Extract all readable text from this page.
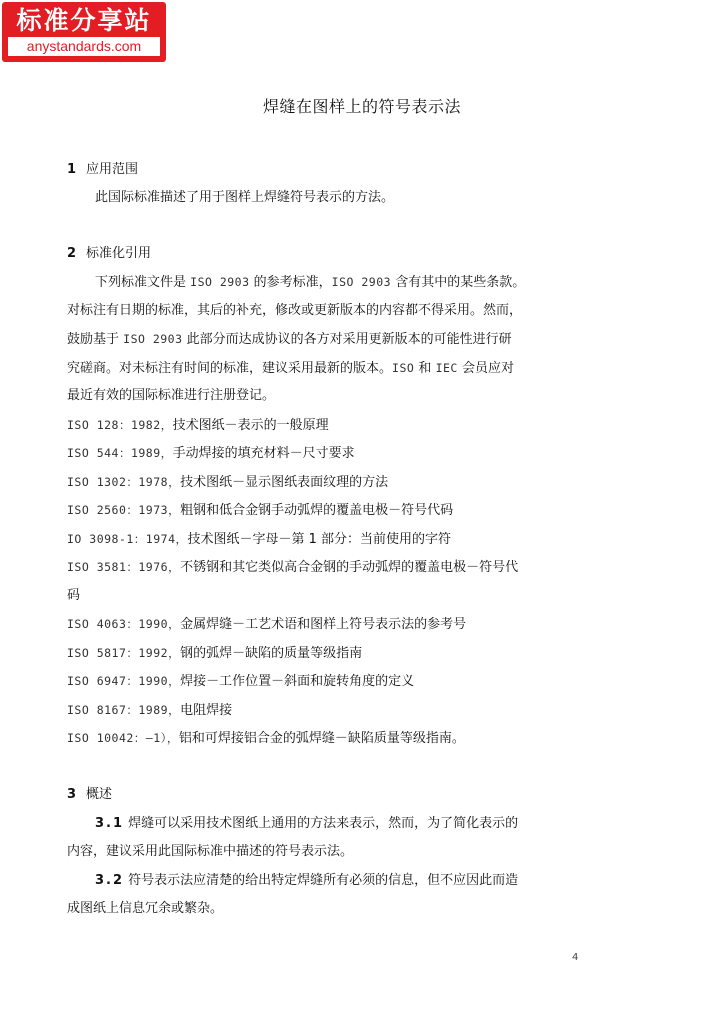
标准分享站
anystandards.com
焊缝在图样上的符号表示法
1 应用范围
此国际标准描述了用于图样上焊缝符号表示的方法。
2 标准化引用
下列标准文件是 ISO 2903 的参考标准，ISO 2903 含有其中的某些条款。
对标注有日期的标准，其后的补充，修改或更新版本的内容都不得采用。然而，
鼓励基于 ISO 2903 此部分而达成协议的各方对采用更新版本的可能性进行研
究磋商。对未标注有时间的标准，建议采用最新的版本。ISO 和 IEC 会员应对
最近有效的国际标准进行注册登记。
ISO 128：1982，技术图纸－表示的一般原理
ISO 544：1989，手动焊接的填充材料－尺寸要求
ISO 1302：1978，技术图纸－显示图纸表面纹理的方法
ISO 2560：1973，粗钢和低合金钢手动弧焊的覆盖电极－符号代码
IO 3098-1：1974，技术图纸－字母－第 1 部分：当前使用的字符
ISO 3581：1976，不锈钢和其它类似高合金钢的手动弧焊的覆盖电极－符号代
码
ISO 4063：1990，金属焊缝－工艺术语和图样上符号表示法的参考号
ISO 5817：1992，钢的弧焊－缺陷的质量等级指南
ISO 6947：1990，焊接－工作位置－斜面和旋转角度的定义
ISO 8167：1989，电阻焊接
ISO 10042：—1），铝和可焊接铝合金的弧焊缝－缺陷质量等级指南。
3 概述
3.1 焊缝可以采用技术图纸上通用的方法来表示，然而，为了简化表示的
内容，建议采用此国际标准中描述的符号表示法。
3.2 符号表示法应清楚的给出特定焊缝所有必须的信息，但不应因此而造
成图纸上信息冗余或繁杂。
4
